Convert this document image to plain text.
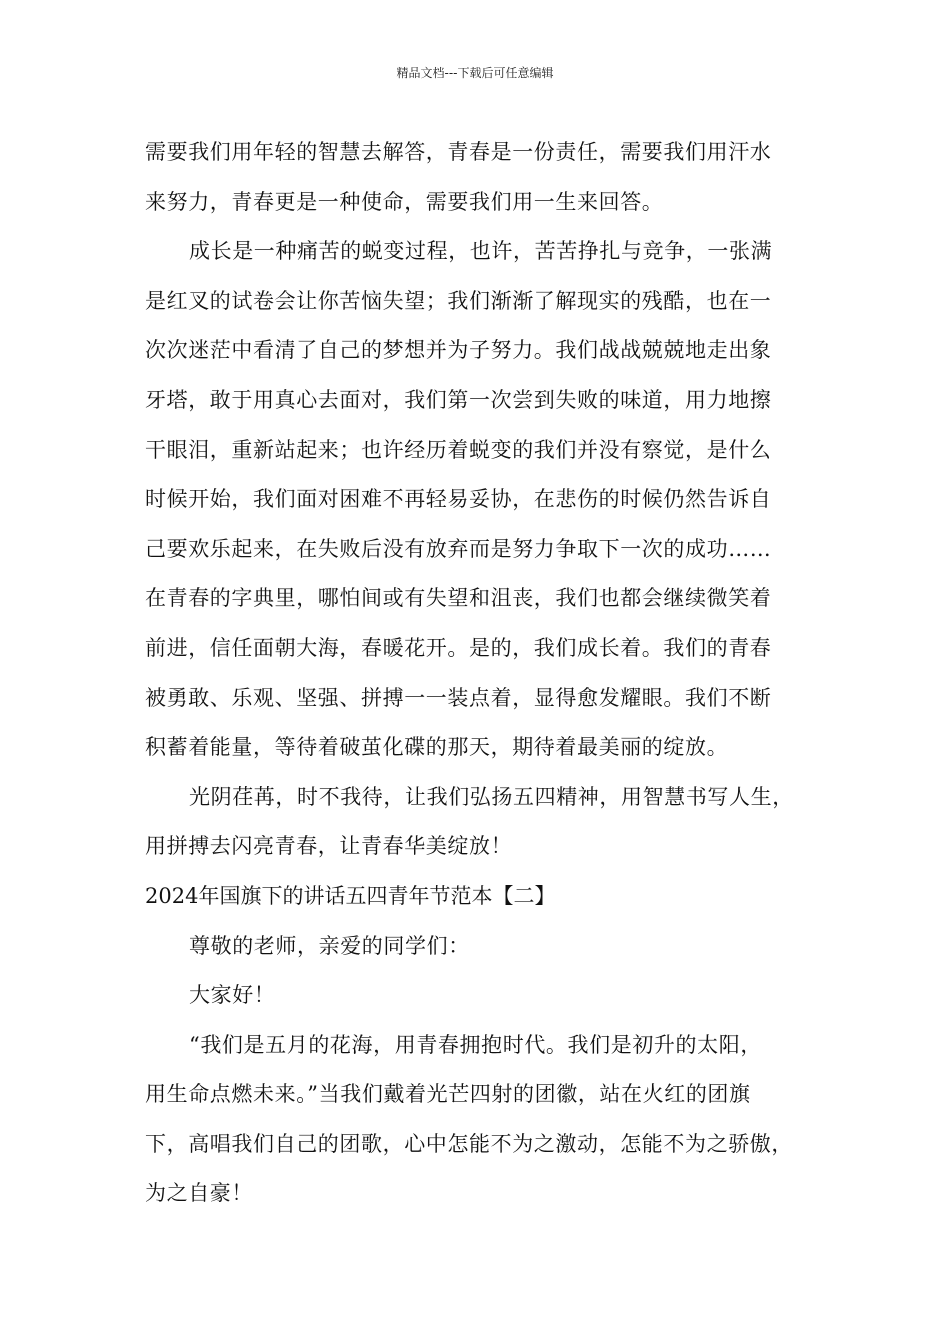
精品文档---下载后可任意编辑
需要我们用年轻的智慧去解答，青春是一份责任，需要我们用汗水
来努力，青春更是一种使命，需要我们用一生来回答。
成长是一种痛苦的蜕变过程，也许，苦苦挣扎与竞争，一张满
是红叉的试卷会让你苦恼失望；我们渐渐了解现实的残酷，也在一
次次迷茫中看清了自己的梦想并为子努力。我们战战兢兢地走出象
牙塔，敢于用真心去面对，我们第一次尝到失败的味道，用力地擦
干眼泪，重新站起来；也许经历着蜕变的我们并没有察觉，是什么
时候开始，我们面对困难不再轻易妥协，在悲伤的时候仍然告诉自
己要欢乐起来，在失败后没有放弃而是努力争取下一次的成功……
在青春的字典里，哪怕间或有失望和沮丧，我们也都会继续微笑着
前进，信任面朝大海，春暖花开。是的，我们成长着。我们的青春
被勇敢、乐观、坚强、拼搏一一装点着，显得愈发耀眼。我们不断
积蓄着能量，等待着破茧化碟的那天，期待着最美丽的绽放。
光阴荏苒，时不我待，让我们弘扬五四精神，用智慧书写人生，
用拼搏去闪亮青春，让青春华美绽放！
2024年国旗下的讲话五四青年节范本【二】
尊敬的老师，亲爱的同学们：
大家好！
“我们是五月的花海，用青春拥抱时代。我们是初升的太阳，
用生命点燃未来。”当我们戴着光芒四射的团徽，站在火红的团旗
下，高唱我们自己的团歌，心中怎能不为之激动，怎能不为之骄傲，
为之自豪！
